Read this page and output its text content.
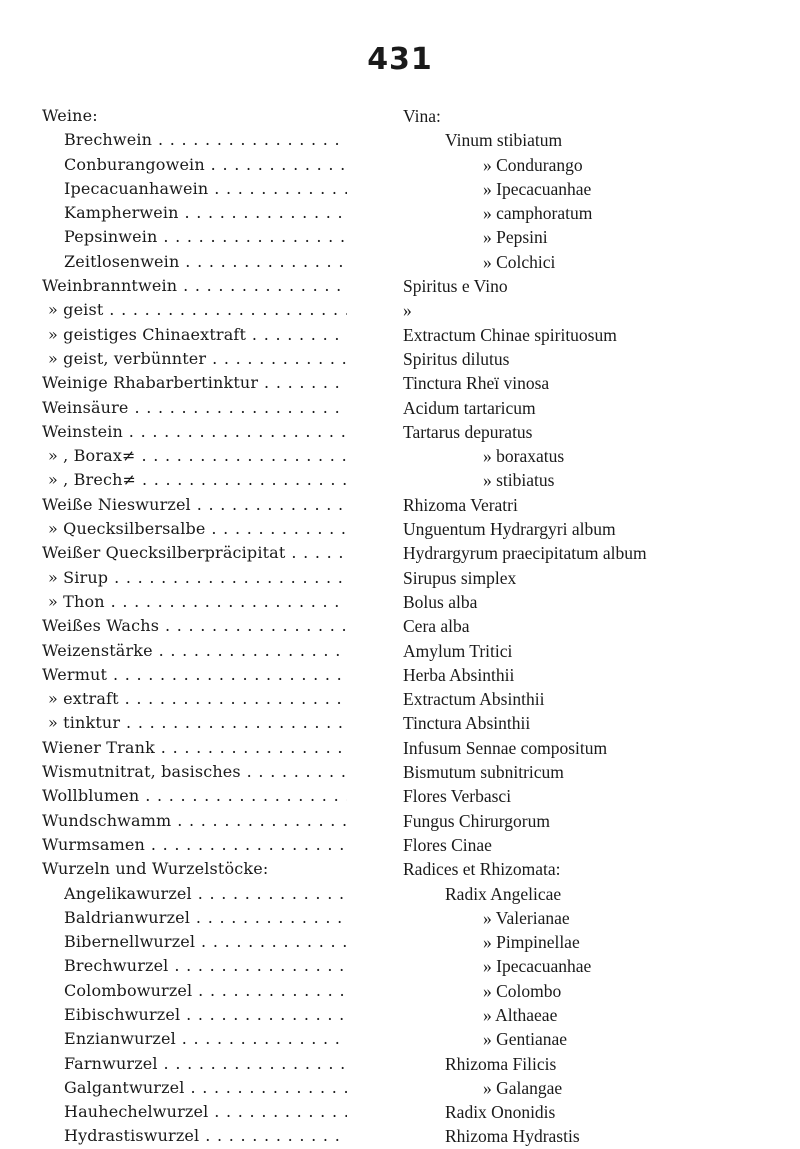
431
Weine:	Vina:
Brechwein . . .	Vinum stibiatum
Conburangowein . . .	» Condurango
Ipecacuanhawein . . .	» Ipecacuanhae
Kampherwein . . .	» camphoratum
Pepsinwein . . .	» Pepsini
Zeitlosenwein . . .	» Colchici
Weinbranntwein . . .	Spiritus e Vino
» geist . . .	»
» geistiges Chinaextraft . . .	Extractum Chinae spirituosum
» geist, verbünnter . . .	Spiritus dilutus
Weinige Rhabarbertinktur . . .	Tinctura Rheï vinosa
Weinsäure . . .	Acidum tartaricum
Weinstein . . .	Tartarus depuratus
» , Borax≠ . . .	» boraxatus
» , Brech≠ . . .	» stibiatus
Weiße Nieswurzel . . .	Rhizoma Veratri
» Quecksilbersalbe . . .	Unguentum Hydrargyri album
Weißer Quecksilberpräcipitat . . .	Hydrargyrum praecipitatum album
» Sirup . . .	Sirupus simplex
» Thon . . .	Bolus alba
Weißes Wachs . . .	Cera alba
Weizenstärke . . .	Amylum Tritici
Wermut . . .	Herba Absinthii
» extraft . . .	Extractum Absinthii
» tinktur . . .	Tinctura Absinthii
Wiener Trank . . .	Infusum Sennae compositum
Wismutnitrat, basisches . . .	Bismutum subnitricum
Wollblumen . . .	Flores Verbasci
Wundschwamm . . .	Fungus Chirurgorum
Wurmsamen . . .	Flores Cinae
Wurzeln und Wurzelstöcke:	Radices et Rhizomata:
Angelikawurzel . . .	Radix Angelicae
Baldrianwurzel . . .	» Valerianae
Bibernellwurzel . . .	» Pimpinellae
Brechwurzel . . .	» Ipecacuanhae
Colombowurzel . . .	» Colombo
Eibischwurzel . . .	» Althaeae
Enzianwurzel . . .	» Gentianae
Farnwurzel . . .	Rhizoma Filicis
Galgantwurzel . . .	» Galangae
Hauhechelwurzel . . .	Radix Ononidis
Hydrastiswurzel . . .	Rhizoma Hydrastis
